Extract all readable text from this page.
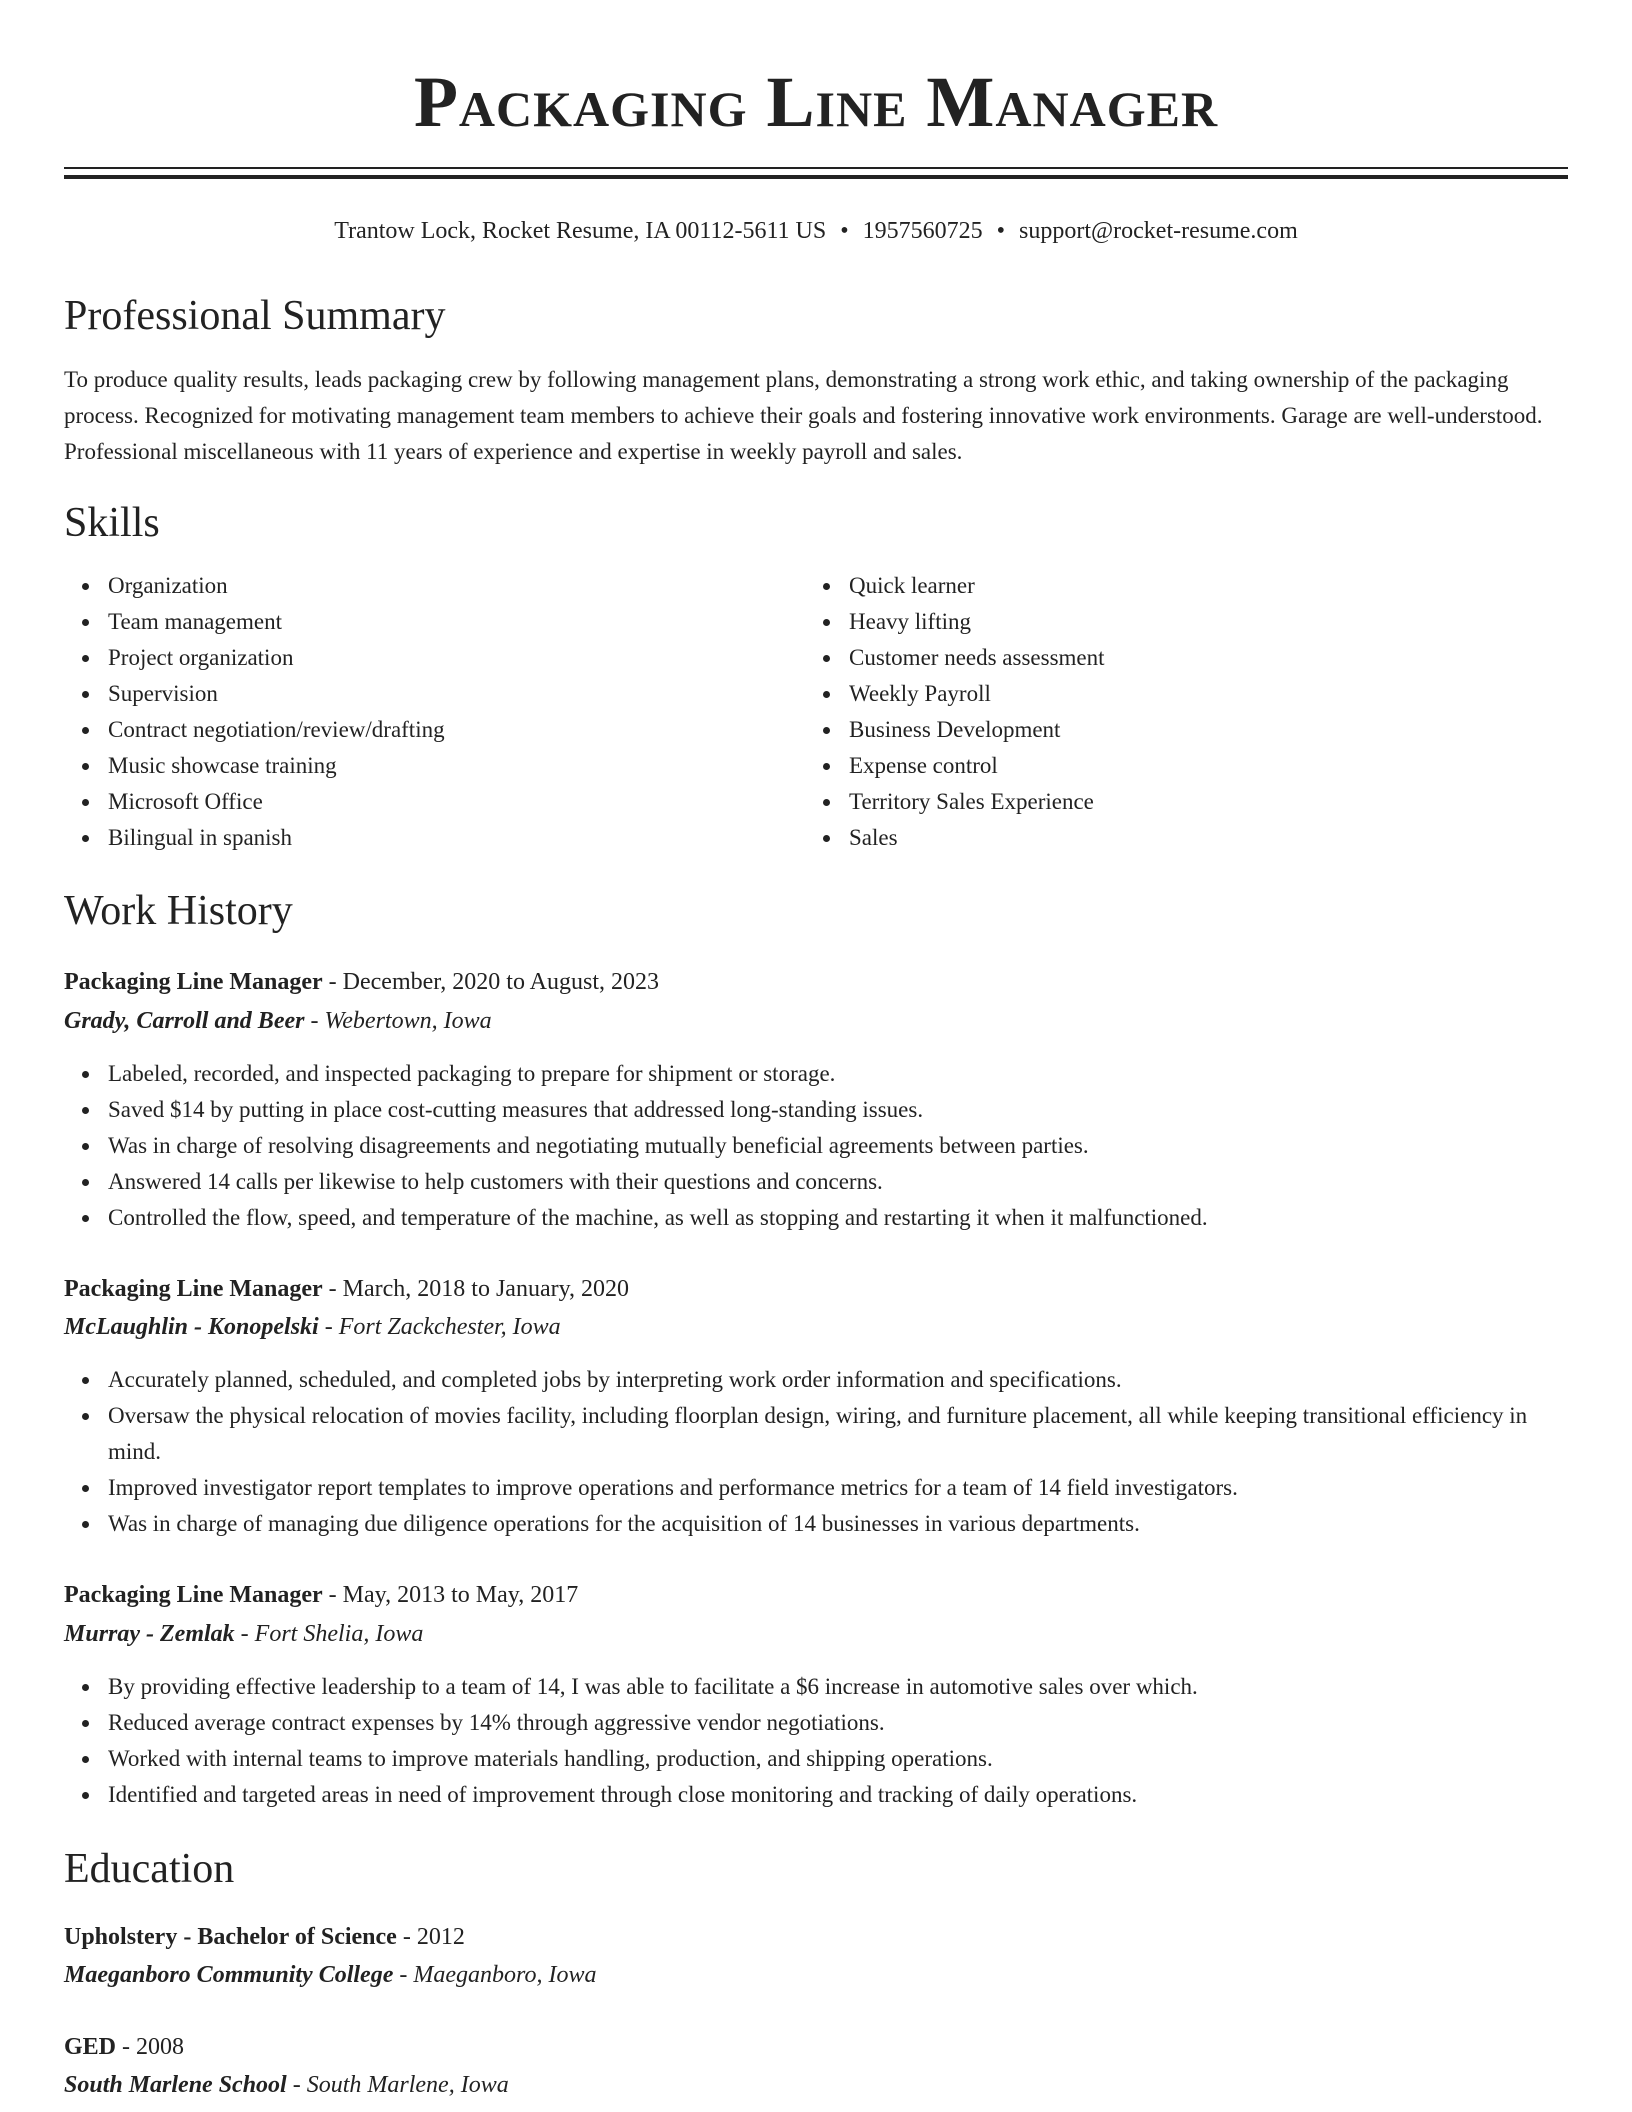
Packaging Line Manager
Trantow Lock, Rocket Resume, IA 00112-5611 US • 1957560725 • support@rocket-resume.com
Professional Summary

To produce quality results, leads packaging crew by following management plans, demonstrating a strong work ethic, and taking ownership of the packaging process. Recognized for motivating management team members to achieve their goals and fostering innovative work environments. Garage are well-understood. Professional miscellaneous with 11 years of experience and expertise in weekly payroll and sales.

Skills
Organization
Team management
Project organization
Supervision
Contract negotiation/review/drafting
Music showcase training
Microsoft Office
Bilingual in spanish
Quick learner
Heavy lifting
Customer needs assessment
Weekly Payroll
Business Development
Expense control
Territory Sales Experience
Sales
Work History
Packaging Line Manager - December, 2020 to August, 2023
Grady, Carroll and Beer - Webertown, Iowa
Labeled, recorded, and inspected packaging to prepare for shipment or storage.
Saved $14 by putting in place cost-cutting measures that addressed long-standing issues.
Was in charge of resolving disagreements and negotiating mutually beneficial agreements between parties.
Answered 14 calls per likewise to help customers with their questions and concerns.
Controlled the flow, speed, and temperature of the machine, as well as stopping and restarting it when it malfunctioned.
Packaging Line Manager - March, 2018 to January, 2020
McLaughlin - Konopelski - Fort Zackchester, Iowa
Accurately planned, scheduled, and completed jobs by interpreting work order information and specifications.
Oversaw the physical relocation of movies facility, including floorplan design, wiring, and furniture placement, all while keeping transitional efficiency in mind.
Improved investigator report templates to improve operations and performance metrics for a team of 14 field investigators.
Was in charge of managing due diligence operations for the acquisition of 14 businesses in various departments.
Packaging Line Manager - May, 2013 to May, 2017
Murray - Zemlak - Fort Shelia, Iowa
By providing effective leadership to a team of 14, I was able to facilitate a $6 increase in automotive sales over which.
Reduced average contract expenses by 14% through aggressive vendor negotiations.
Worked with internal teams to improve materials handling, production, and shipping operations.
Identified and targeted areas in need of improvement through close monitoring and tracking of daily operations.
Education
Upholstery - Bachelor of Science - 2012
Maeganboro Community College - Maeganboro, Iowa
GED - 2008
South Marlene School - South Marlene, Iowa
